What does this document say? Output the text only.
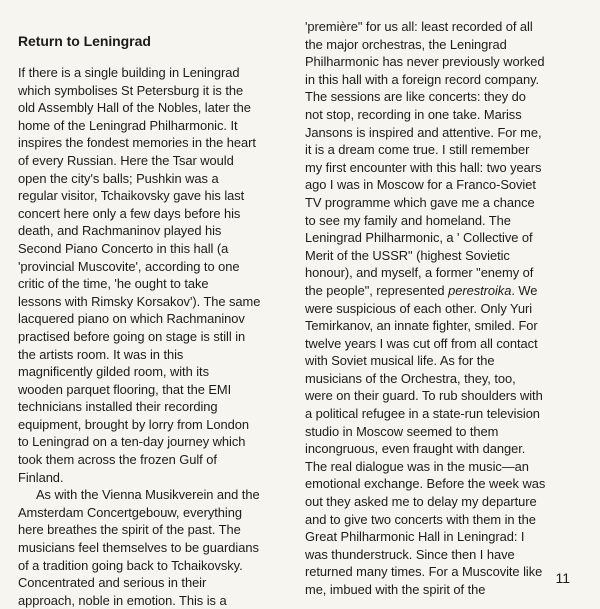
Return to Leningrad
If there is a single building in Leningrad
which symbolises St Petersburg it is the
old Assembly Hall of the Nobles, later the
home of the Leningrad Philharmonic. It
inspires the fondest memories in the heart
of every Russian. Here the Tsar would
open the city's balls; Pushkin was a
regular visitor, Tchaikovsky gave his last
concert here only a few days before his
death, and Rachmaninov played his
Second Piano Concerto in this hall (a
'provincial Muscovite', according to one
critic of the time, 'he ought to take
lessons with Rimsky Korsakov'). The same
lacquered piano on which Rachmaninov
practised before going on stage is still in
the artists room. It was in this
magnificently gilded room, with its
wooden parquet flooring, that the EMI
technicians installed their recording
equipment, brought by lorry from London
to Leningrad on a ten-day journey which
took them across the frozen Gulf of
Finland.
As with the Vienna Musikverein and the
Amsterdam Concertgebouw, everything
here breathes the spirit of the past. The
musicians feel themselves to be guardians
of a tradition going back to Tchaikovsky.
Concentrated and serious in their
approach, noble in emotion. This is a
'première" for us all: least recorded of all
the major orchestras, the Leningrad
Philharmonic has never previously worked
in this hall with a foreign record company.
The sessions are like concerts: they do
not stop, recording in one take. Mariss
Jansons is inspired and attentive. For me,
it is a dream come true. I still remember
my first encounter with this hall: two years
ago I was in Moscow for a Franco-Soviet
TV programme which gave me a chance
to see my family and homeland. The
Leningrad Philharmonic, a ' Collective of
Merit of the USSR" (highest Sovietic
honour), and myself, a former "enemy of
the people", represented perestroika. We
were suspicious of each other. Only Yuri
Temirkanov, an innate fighter, smiled. For
twelve years I was cut off from all contact
with Soviet musical life. As for the
musicians of the Orchestra, they, too,
were on their guard. To rub shoulders with
a political refugee in a state-run television
studio in Moscow seemed to them
incongruous, even fraught with danger.
The real dialogue was in the music—an
emotional exchange. Before the week was
out they asked me to delay my departure
and to give two concerts with them in the
Great Philharmonic Hall in Leningrad: I
was thunderstruck. Since then I have
returned many times. For a Muscovite like
me, imbued with the spirit of the
11
